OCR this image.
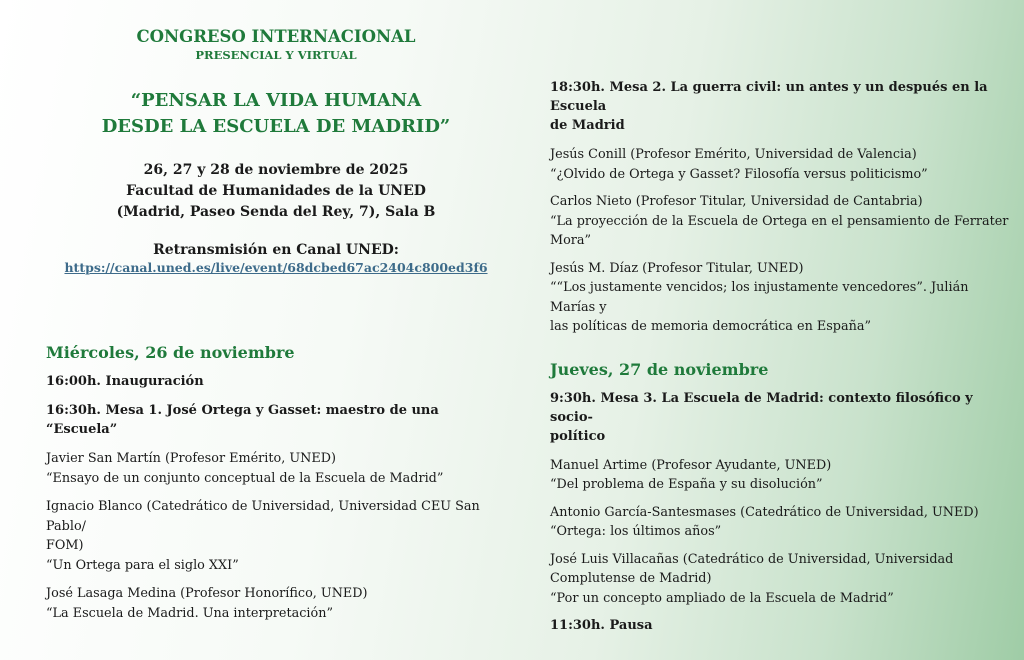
CONGRESO INTERNACIONAL
PRESENCIAL Y VIRTUAL
“PENSAR LA VIDA HUMANA
DESDE LA ESCUELA DE MADRID”
26, 27 y 28 de noviembre de 2025
Facultad de Humanidades de la UNED
(Madrid, Paseo Senda del Rey, 7), Sala B
Retransmisión en Canal UNED:
https://canal.uned.es/live/event/68dcbed67ac2404c800ed3f6
Miércoles, 26 de noviembre
16:00h. Inauguración
16:30h. Mesa 1. José Ortega y Gasset: maestro de una “Escuela”
Javier San Martín (Profesor Emérito, UNED)
“Ensayo de un conjunto conceptual de la Escuela de Madrid”
Ignacio Blanco (Catedrático de Universidad, Universidad CEU San Pablo/
FOM)
“Un Ortega para el siglo XXI”
José Lasaga Medina (Profesor Honorífico, UNED)
“La Escuela de Madrid. Una interpretación”
18:30h. Mesa 2. La guerra civil: un antes y un después en la Escuela
de Madrid
Jesús Conill (Profesor Emérito, Universidad de Valencia)
“¿Olvido de Ortega y Gasset? Filosofía versus politicismo”
Carlos Nieto (Profesor Titular, Universidad de Cantabria)
“La proyección de la Escuela de Ortega en el pensamiento de Ferrater
Mora”
Jesús M. Díaz (Profesor Titular, UNED)
““Los justamente vencidos; los injustamente vencedores”. Julián Marías y
las políticas de memoria democrática en España”
Jueves, 27 de noviembre
9:30h. Mesa 3. La Escuela de Madrid: contexto filosófico y socio-
político
Manuel Artime (Profesor Ayudante, UNED)
“Del problema de España y su disolución”
Antonio García-Santesmases (Catedrático de Universidad, UNED)
“Ortega: los últimos años”
José Luis Villacañas (Catedrático de Universidad, Universidad
Complutense de Madrid)
“Por un concepto ampliado de la Escuela de Madrid”
11:30h. Pausa
